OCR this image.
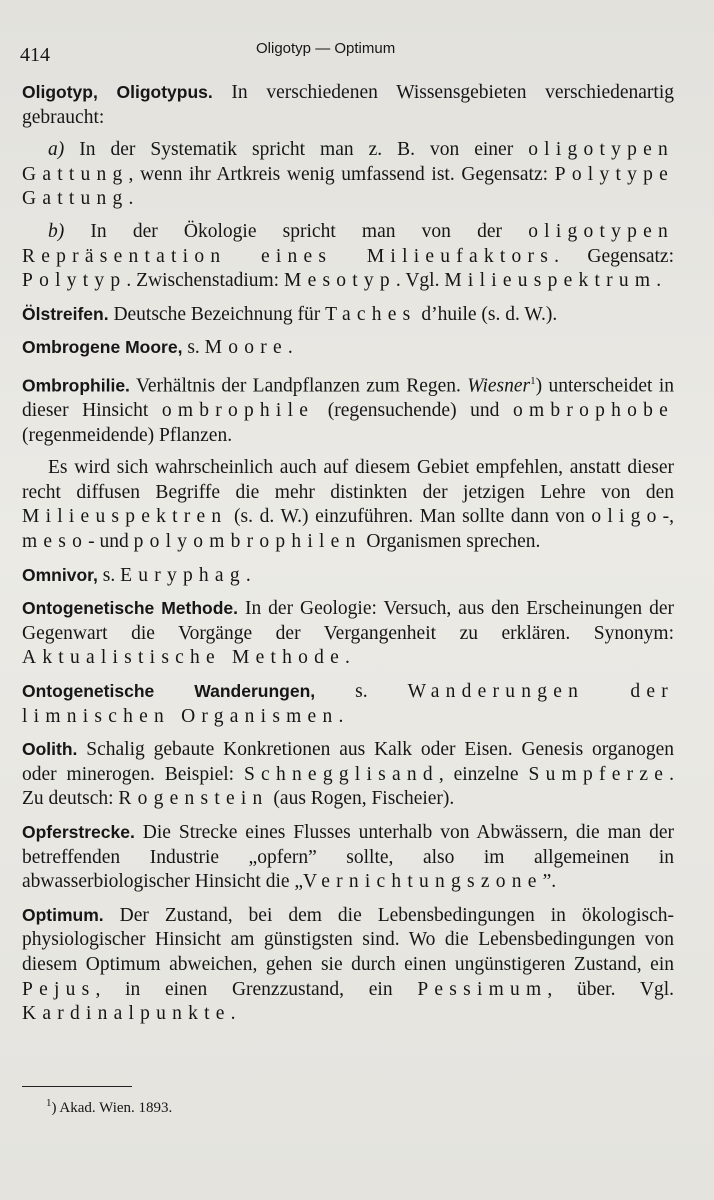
414	Oligotyp — Optimum

Oligotyp, Oligotypus. In verschiedenen Wissensgebieten verschiedenartig gebraucht:

a) In der Systematik spricht man z. B. von einer oligotypen Gattung, wenn ihr Artkreis wenig umfassend ist. Gegensatz: Polytype Gattung.

b) In der Ökologie spricht man von der oligotypen Repräsentation eines Milieufaktors. Gegensatz: Polytyp. Zwischenstadium: Mesotyp. Vgl. Milieuspektrum.

Ölstreifen. Deutsche Bezeichnung für Taches d’huile (s. d. W.).

Ombrogene Moore, s. Moore.

Ombrophilie. Verhältnis der Landpflanzen zum Regen. Wiesner$^1$) unterscheidet in dieser Hinsicht ombrophile (regensuchende) und ombrophobe (regenmeidende) Pflanzen.

Es wird sich wahrscheinlich auch auf diesem Gebiet empfehlen, anstatt dieser recht diffusen Begriffe die mehr distinkten der jetzigen Lehre von den Milieuspektren (s. d. W.) einzuführen. Man sollte dann von oligo-, meso- und polyombrophilen Organismen sprechen.

Omnivor, s. Euryphag.

Ontogenetische Methode. In der Geologie: Versuch, aus den Erscheinungen der Gegenwart die Vorgänge der Vergangenheit zu erklären. Synonym: Aktualistische Methode.

Ontogenetische Wanderungen, s. Wanderungen der limnischen Organismen.

Oolith. Schalig gebaute Konkretionen aus Kalk oder Eisen. Genesis organogen oder minerogen. Beispiel: Schnegglisand, einzelne Sumpferze. Zu deutsch: Rogenstein (aus Rogen, Fischeier).

Opferstrecke. Die Strecke eines Flusses unterhalb von Abwässern, die man der betreffenden Industrie „opfern” sollte, also im allgemeinen in abwasserbiologischer Hinsicht die „Vernichtungszone”.

Optimum. Der Zustand, bei dem die Lebensbedingungen in ökologisch-physiologischer Hinsicht am günstigsten sind. Wo die Lebensbedingungen von diesem Optimum abweichen, gehen sie durch einen ungünstigeren Zustand, ein Pejus, in einen Grenzzustand, ein Pessimum, über. Vgl. Kardinalpunkte.

$^1$) Akad. Wien. 1893.
